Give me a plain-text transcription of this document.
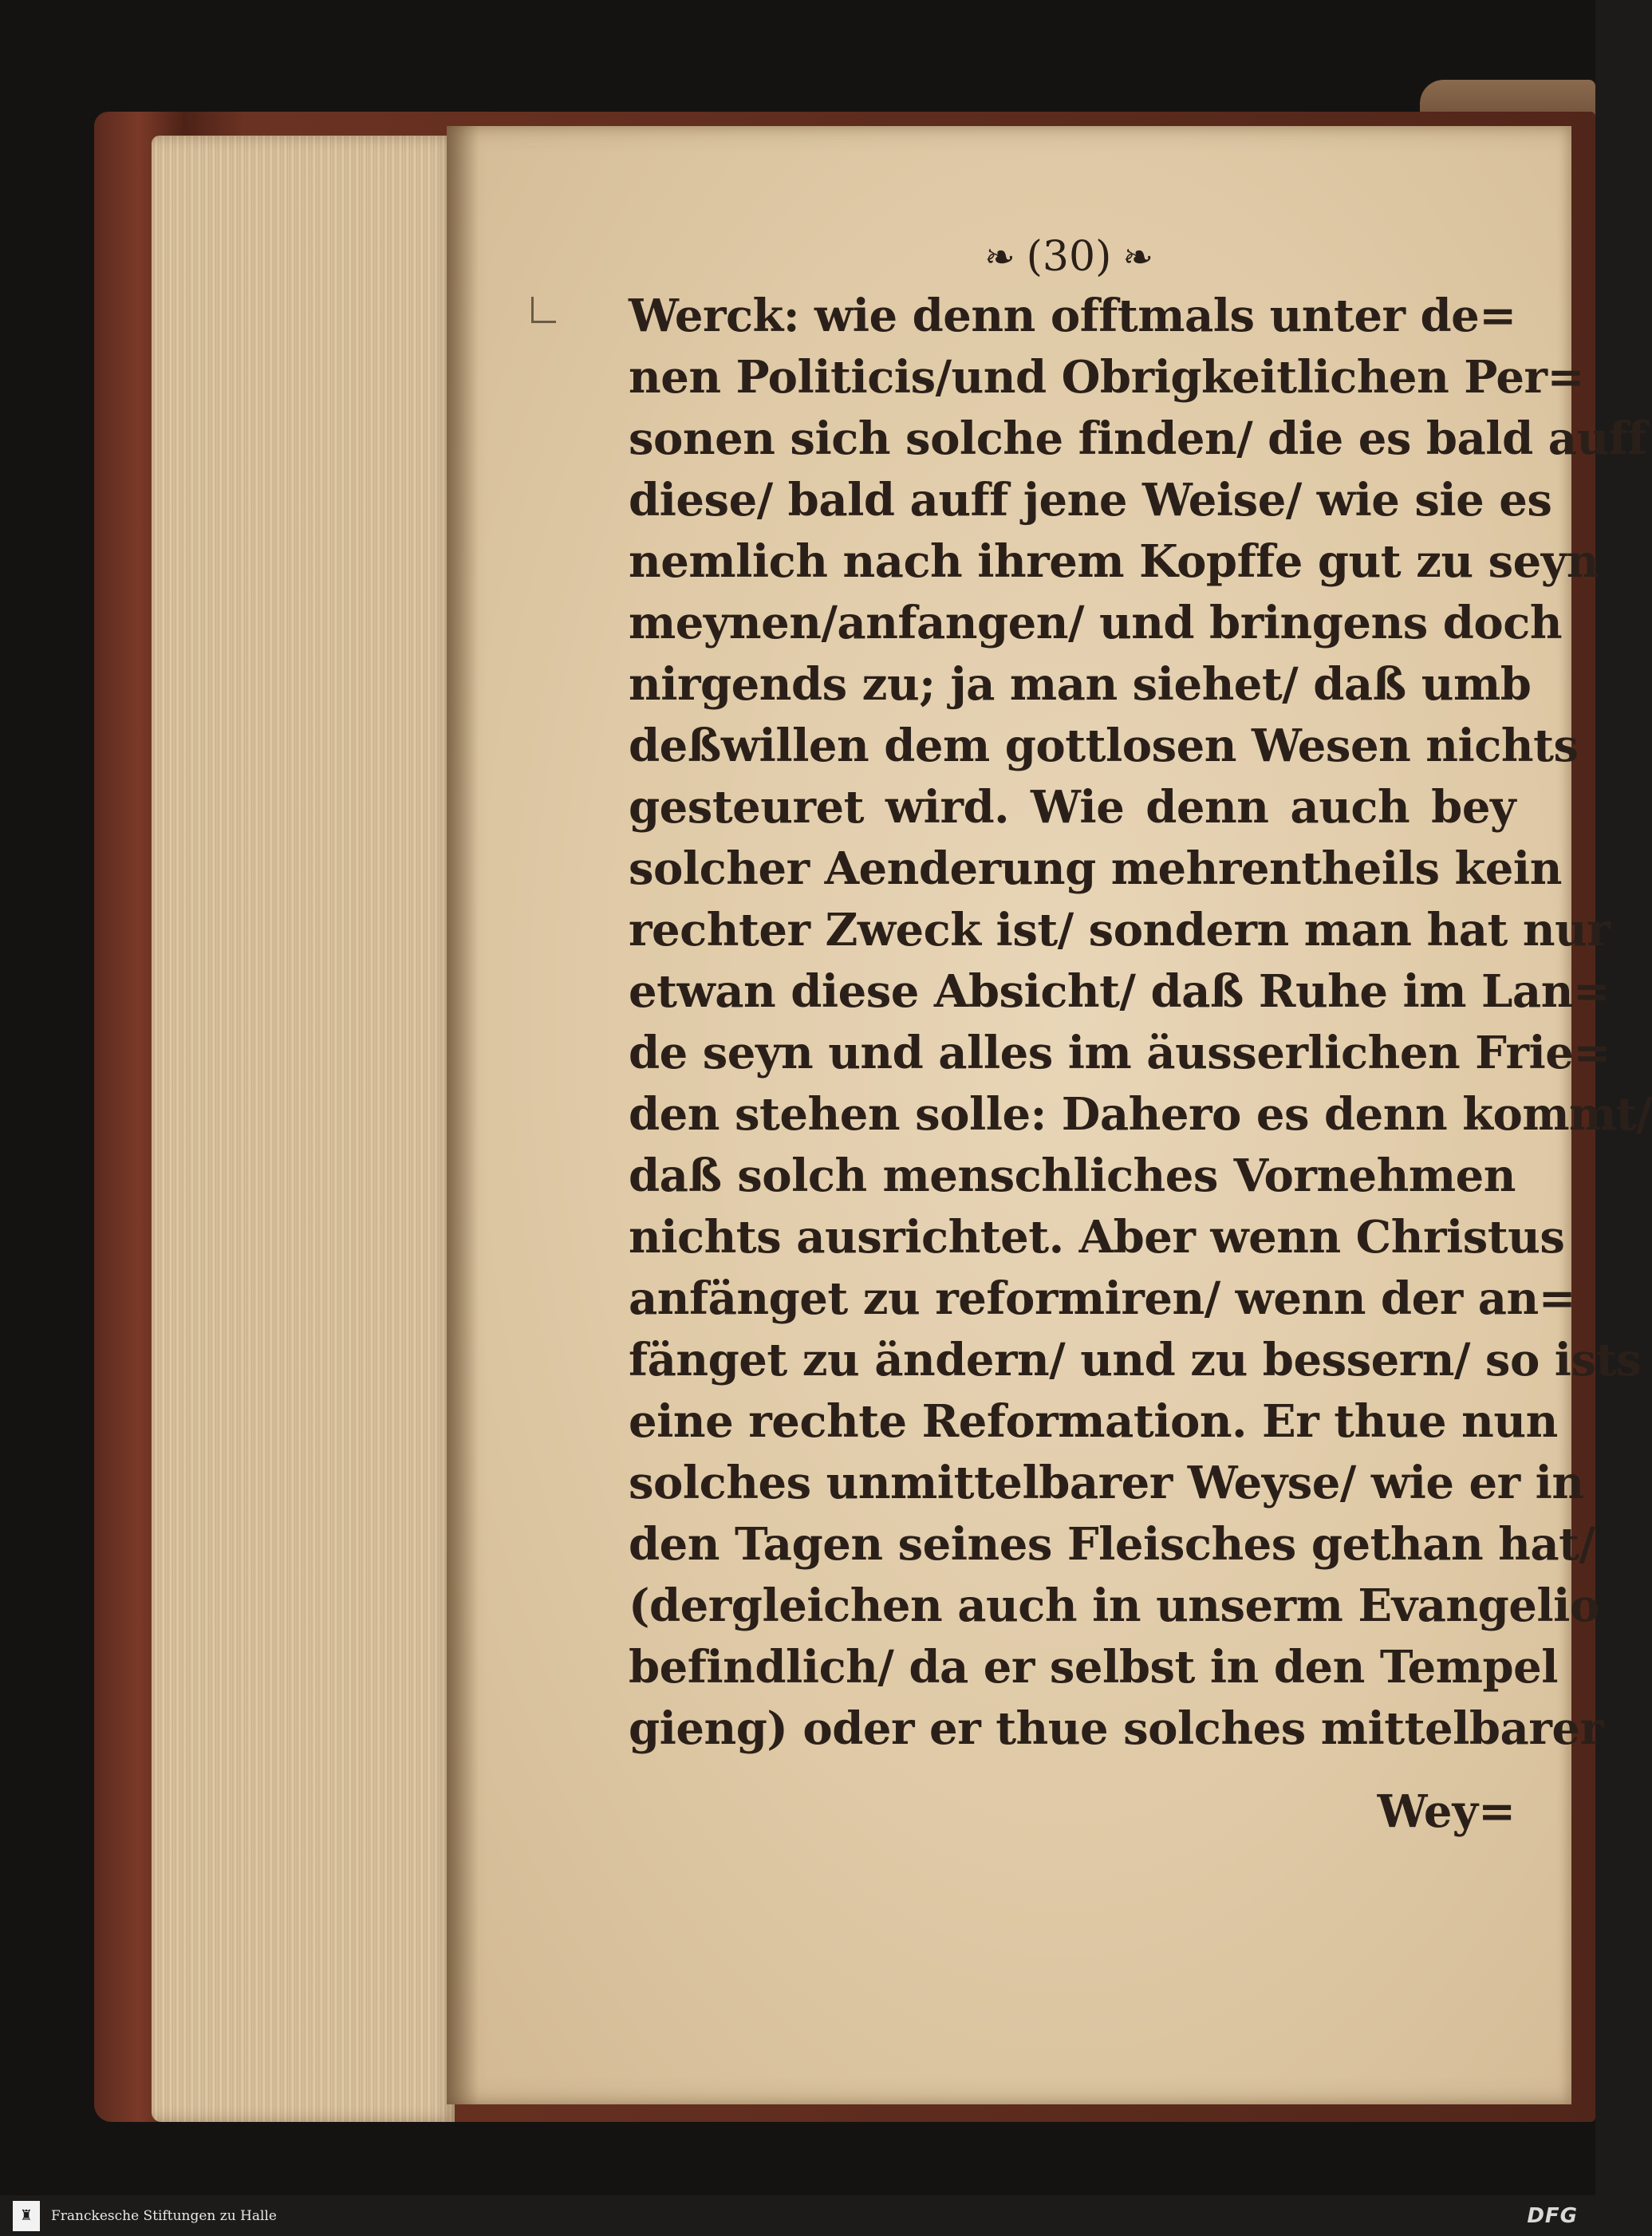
❧ (30) ❧
Werck: wie denn offtmals unter de=
nen Politicis/und Obrigkeitlichen Per=
sonen sich solche finden/ die es bald auff
diese/ bald auff jene Weise/ wie sie es
nemlich nach ihrem Kopffe gut zu seyn
meynen/anfangen/ und bringens doch
nirgends zu; ja man siehet/ daß umb
deßwillen dem gottlosen Wesen nichts
gesteuret wird. Wie denn auch bey
solcher Aenderung mehrentheils kein
rechter Zweck ist/ sondern man hat nur
etwan diese Absicht/ daß Ruhe im Lan=
de seyn und alles im äusserlichen Frie=
den stehen solle: Dahero es denn kommt/
daß solch menschliches Vornehmen
nichts ausrichtet. Aber wenn Christus
anfänget zu reformiren/ wenn der an=
fänget zu ändern/ und zu bessern/ so ists
eine rechte Reformation. Er thue nun
solches unmittelbarer Weyse/ wie er in
den Tagen seines Fleisches gethan hat/
(dergleichen auch in unserm Evangelio
befindlich/ da er selbst in den Tempel
gieng) oder er thue solches mittelbarer
Wey=
♜ Franckesche Stiftungen zu Halle	DFG
